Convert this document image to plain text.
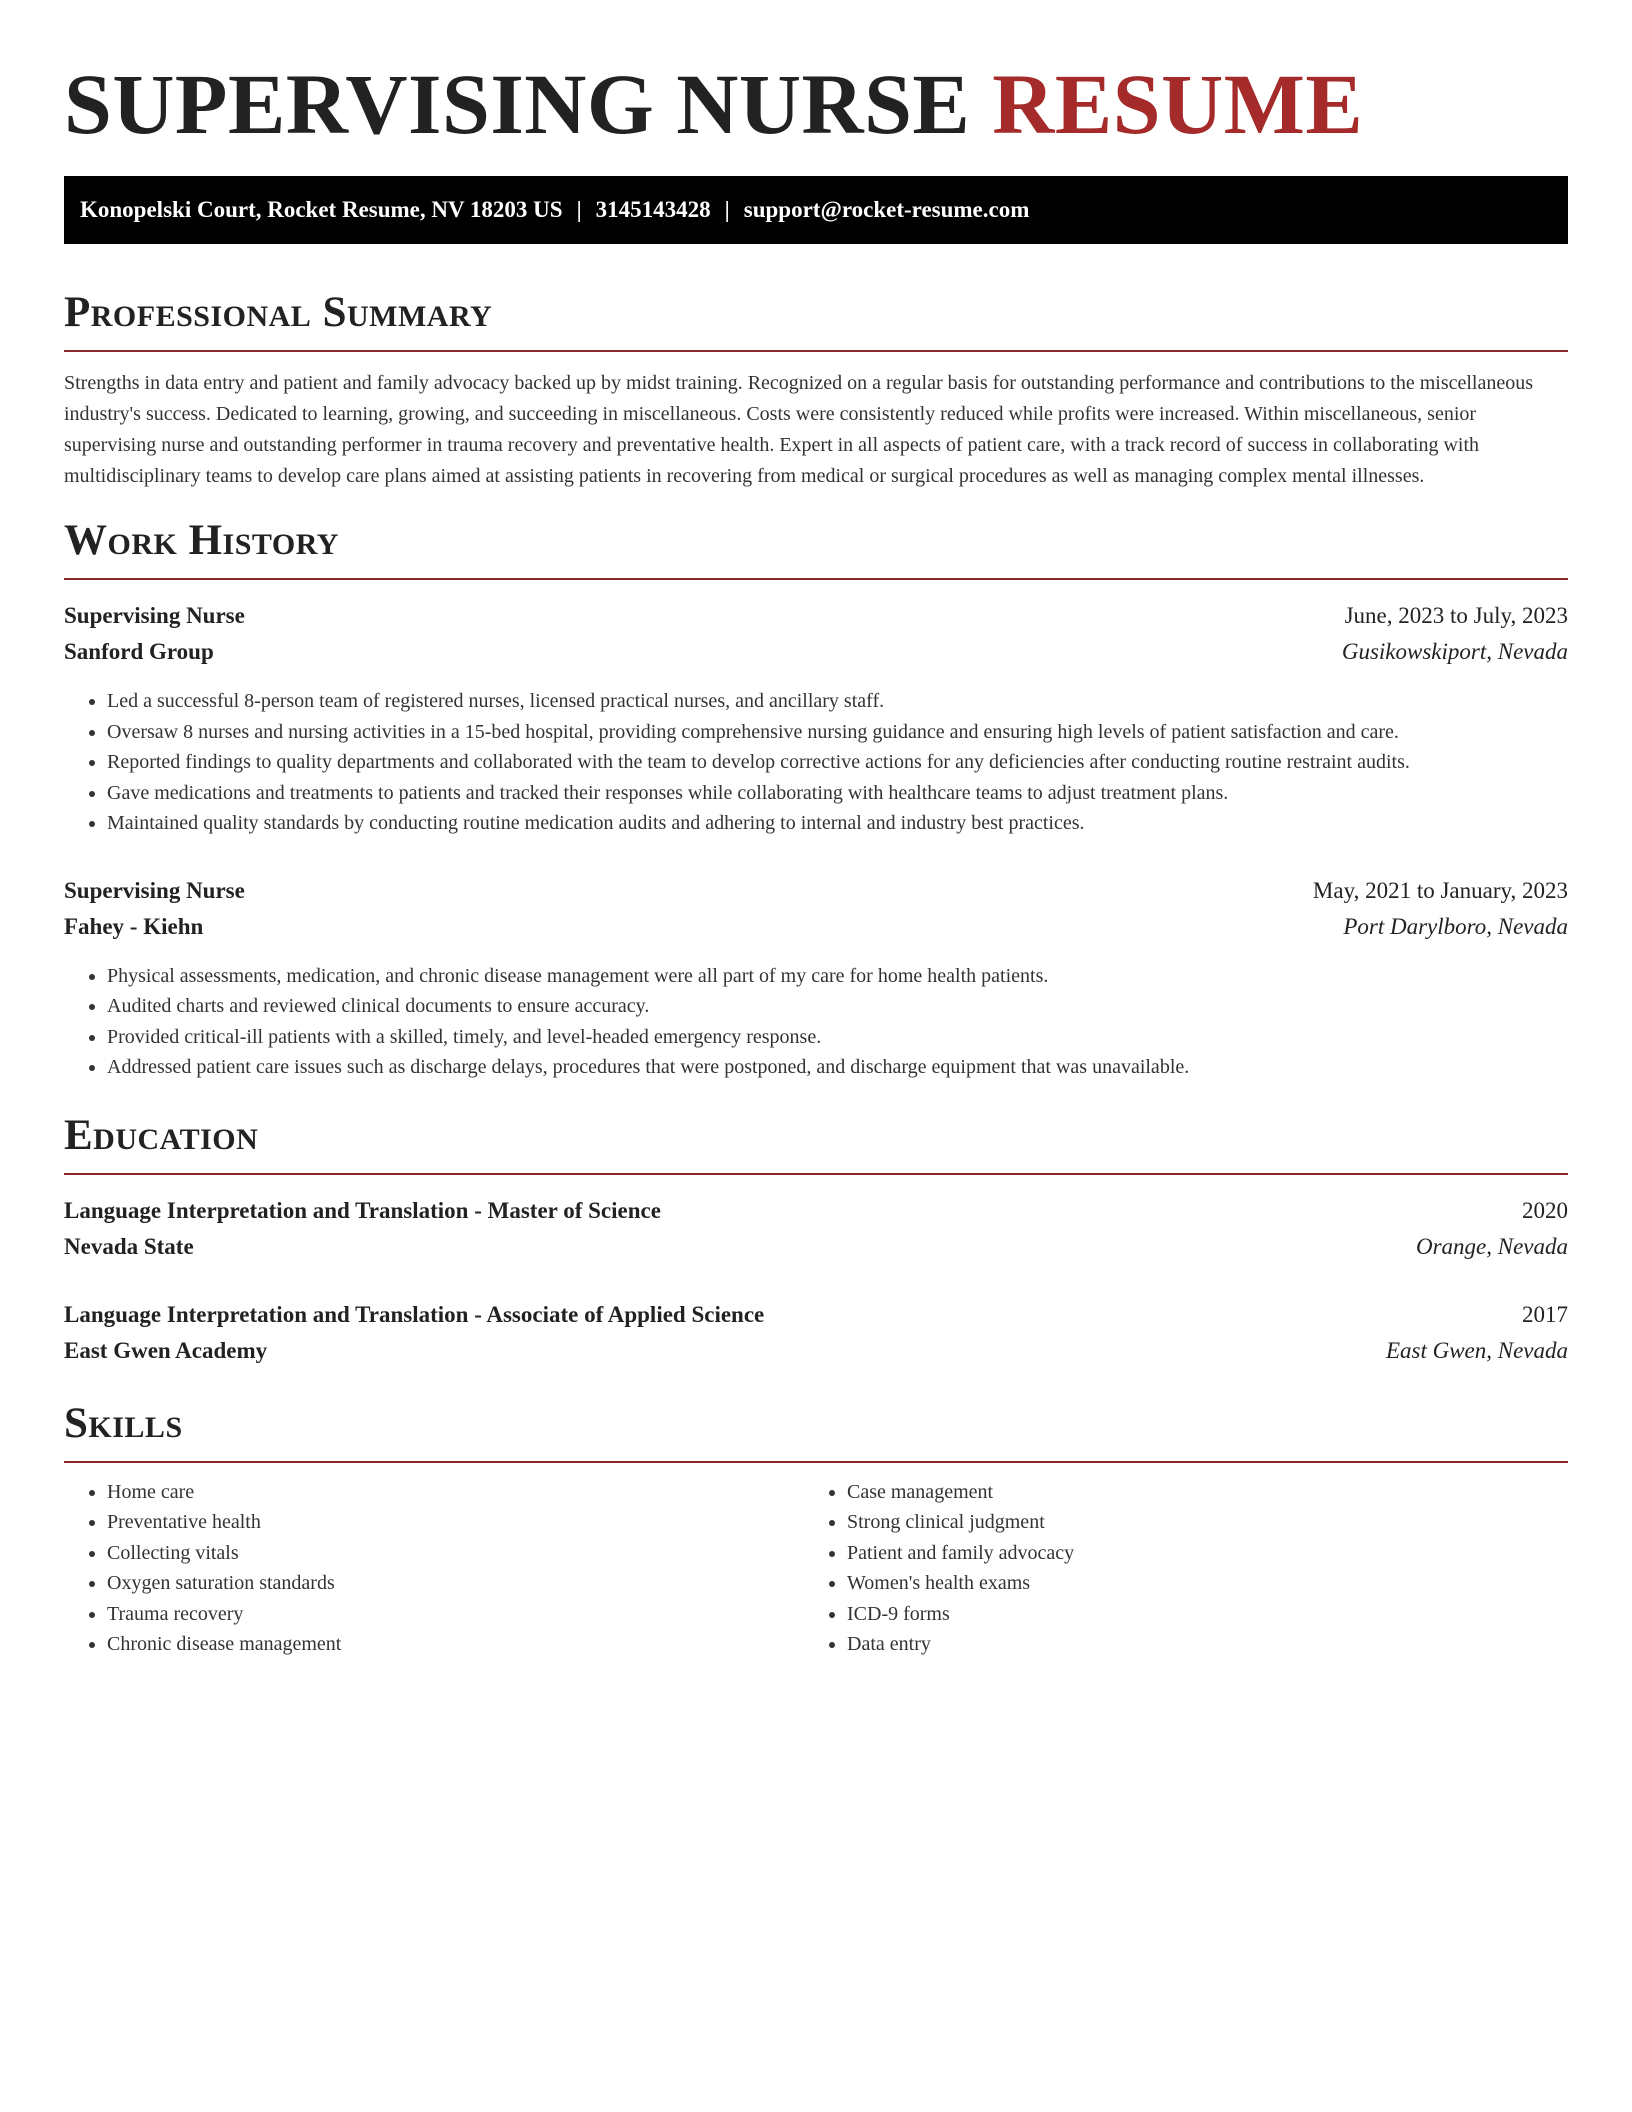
SUPERVISING NURSE RESUME
Konopelski Court, Rocket Resume, NV 18203 US | 3145143428 | support@rocket-resume.com
Professional Summary

Strengths in data entry and patient and family advocacy backed up by midst training. Recognized on a regular basis for outstanding performance and contributions to the miscellaneous industry's success. Dedicated to learning, growing, and succeeding in miscellaneous. Costs were consistently reduced while profits were increased. Within miscellaneous, senior supervising nurse and outstanding performer in trauma recovery and preventative health. Expert in all aspects of patient care, with a track record of success in collaborating with multidisciplinary teams to develop care plans aimed at assisting patients in recovering from medical or surgical procedures as well as managing complex mental illnesses.

Work History
Supervising Nurse	June, 2023 to July, 2023
Sanford Group	Gusikowskiport, Nevada
• Led a successful 8-person team of registered nurses, licensed practical nurses, and ancillary staff.
• Oversaw 8 nurses and nursing activities in a 15-bed hospital, providing comprehensive nursing guidance and ensuring high levels of patient satisfaction and care.
• Reported findings to quality departments and collaborated with the team to develop corrective actions for any deficiencies after conducting routine restraint audits.
• Gave medications and treatments to patients and tracked their responses while collaborating with healthcare teams to adjust treatment plans.
• Maintained quality standards by conducting routine medication audits and adhering to internal and industry best practices.
Supervising Nurse	May, 2021 to January, 2023
Fahey - Kiehn	Port Darylboro, Nevada
• Physical assessments, medication, and chronic disease management were all part of my care for home health patients.
• Audited charts and reviewed clinical documents to ensure accuracy.
• Provided critical-ill patients with a skilled, timely, and level-headed emergency response.
• Addressed patient care issues such as discharge delays, procedures that were postponed, and discharge equipment that was unavailable.
Education
Language Interpretation and Translation - Master of Science	2020
Nevada State	Orange, Nevada
Language Interpretation and Translation - Associate of Applied Science	2017
East Gwen Academy	East Gwen, Nevada
Skills
• Home care
• Preventative health
• Collecting vitals
• Oxygen saturation standards
• Trauma recovery
• Chronic disease management
• Case management
• Strong clinical judgment
• Patient and family advocacy
• Women's health exams
• ICD-9 forms
• Data entry
